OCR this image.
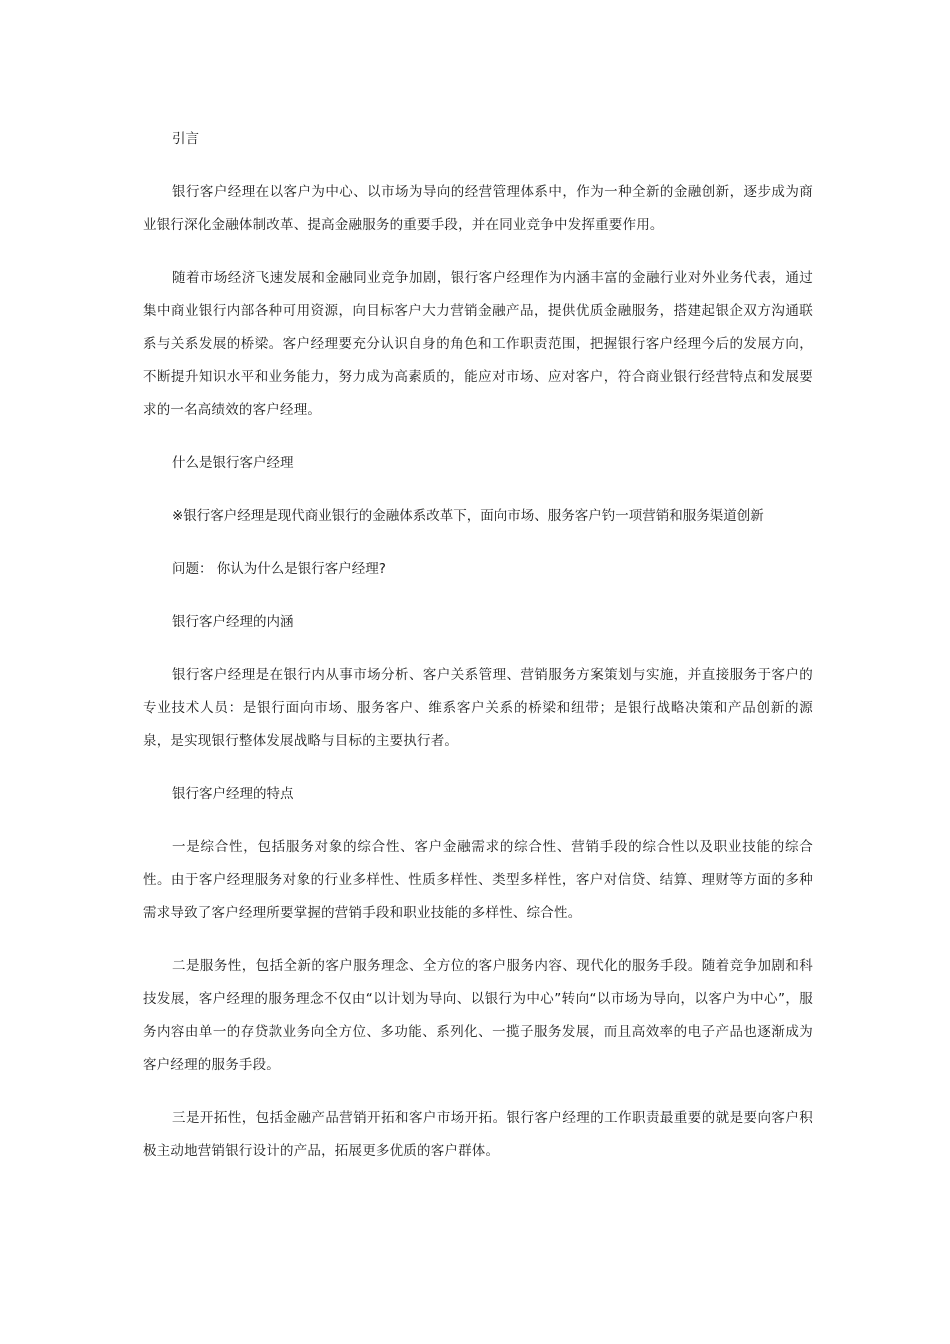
引言

银行客户经理在以客户为中心、以市场为导向的经营管理体系中，作为一种全新的金融创新，逐步成为商业银行深化金融体制改革、提高金融服务的重要手段，并在同业竞争中发挥重要作用。

随着市场经济飞速发展和金融同业竞争加剧，银行客户经理作为内涵丰富的金融行业对外业务代表，通过集中商业银行内部各种可用资源，向目标客户大力营销金融产品，提供优质金融服务，搭建起银企双方沟通联系与关系发展的桥梁。客户经理要充分认识自身的角色和工作职责范围，把握银行客户经理今后的发展方向，不断提升知识水平和业务能力，努力成为高素质的，能应对市场、应对客户，符合商业银行经营特点和发展要求的一名高绩效的客户经理。

什么是银行客户经理

※银行客户经理是现代商业银行的金融体系改革下，面向市场、服务客户钓一项营销和服务渠道创新

问题： 你认为什么是银行客户经理?

银行客户经理的内涵

银行客户经理是在银行内从事市场分析、客户关系管理、营销服务方案策划与实施，并直接服务于客户的专业技术人员：是银行面向市场、服务客户、维系客户关系的桥梁和纽带；是银行战略决策和产品创新的源泉，是实现银行整体发展战略与目标的主要执行者。

银行客户经理的特点

一是综合性，包括服务对象的综合性、客户金融需求的综合性、营销手段的综合性以及职业技能的综合性。由于客户经理服务对象的行业多样性、性质多样性、类型多样性，客户对信贷、结算、理财等方面的多种需求导致了客户经理所要掌握的营销手段和职业技能的多样性、综合性。

二是服务性，包括全新的客户服务理念、全方位的客户服务内容、现代化的服务手段。随着竞争加剧和科技发展，客户经理的服务理念不仅由“以计划为导向、以银行为中心”转向“以市场为导向，以客户为中心”，服务内容由单一的存贷款业务向全方位、多功能、系列化、一揽子服务发展，而且高效率的电子产品也逐渐成为客户经理的服务手段。

三是开拓性，包括金融产品营销开拓和客户市场开拓。银行客户经理的工作职责最重要的就是要向客户积极主动地营销银行设计的产品，拓展更多优质的客户群体。
